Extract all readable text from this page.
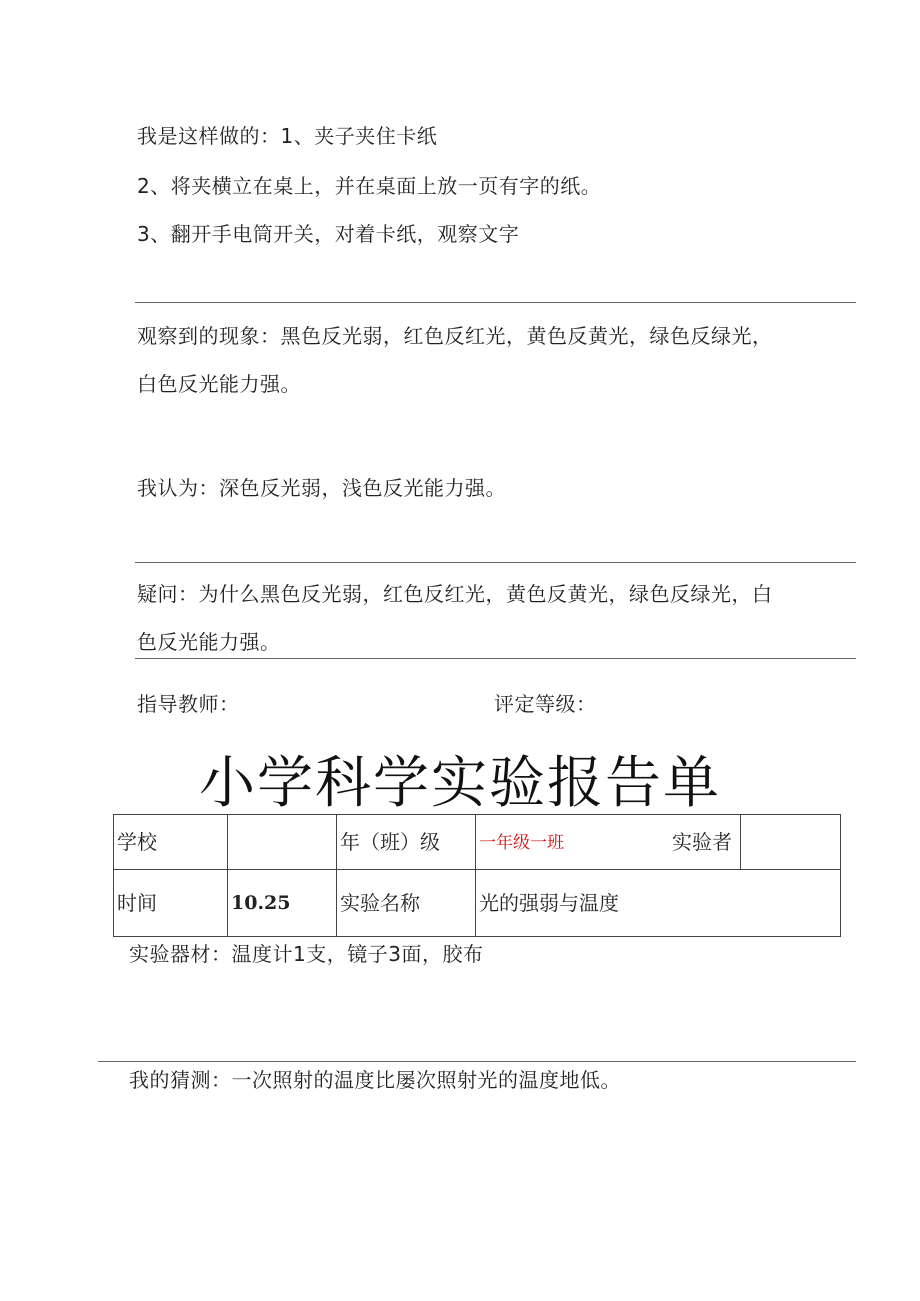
我是这样做的：1、夹子夹住卡纸
2、将夹横立在桌上，并在桌面上放一页有字的纸。
3、翻开手电筒开关，对着卡纸，观察文字
观察到的现象：黑色反光弱，红色反红光，黄色反黄光，绿色反绿光，
白色反光能力强。
我认为：深色反光弱，浅色反光能力强。
疑问：为什么黑色反光弱，红色反红光，黄色反黄光，绿色反绿光，白
色反光能力强。
指导教师：	评定等级：
小学科学实验报告单
学校		年（班）级	一年级一班 实验者	

时间	10.25	实验名称	光的强弱与温度	
实验器材：温度计1支，镜子3面，胶布
我的猜测：一次照射的温度比屡次照射光的温度地低。
